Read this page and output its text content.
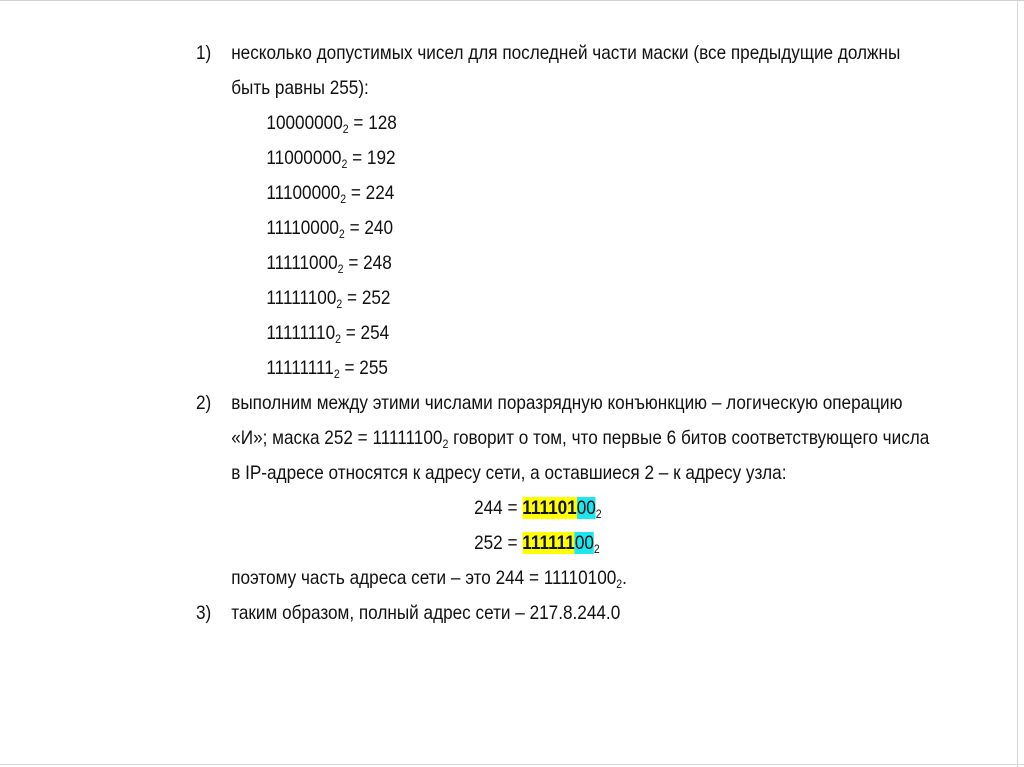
1) несколько допустимых чисел для последней части маски (все предыдущие должны
быть равны 255):
$10000000_2 = 128$
$11000000_2 = 192$
$11100000_2 = 224$
$11110000_2 = 240$
$11111000_2 = 248$
$11111100_2 = 252$
$11111110_2 = 254$
$11111111_2 = 255$
2) выполним между этими числами поразрядную конъюнкцию – логическую операцию
«И»; маска $252 = 11111100_2$ говорит о том, что первые 6 битов соответствующего числа
в IP-адресе относятся к адресу сети, а оставшиеся 2 – к адресу узла:
$244 = 11110100_2$
$252 = 11111100_2$
поэтому часть адреса сети – это $244 = 11110100_2$.
3) таким образом, полный адрес сети – 217.8.244.0
